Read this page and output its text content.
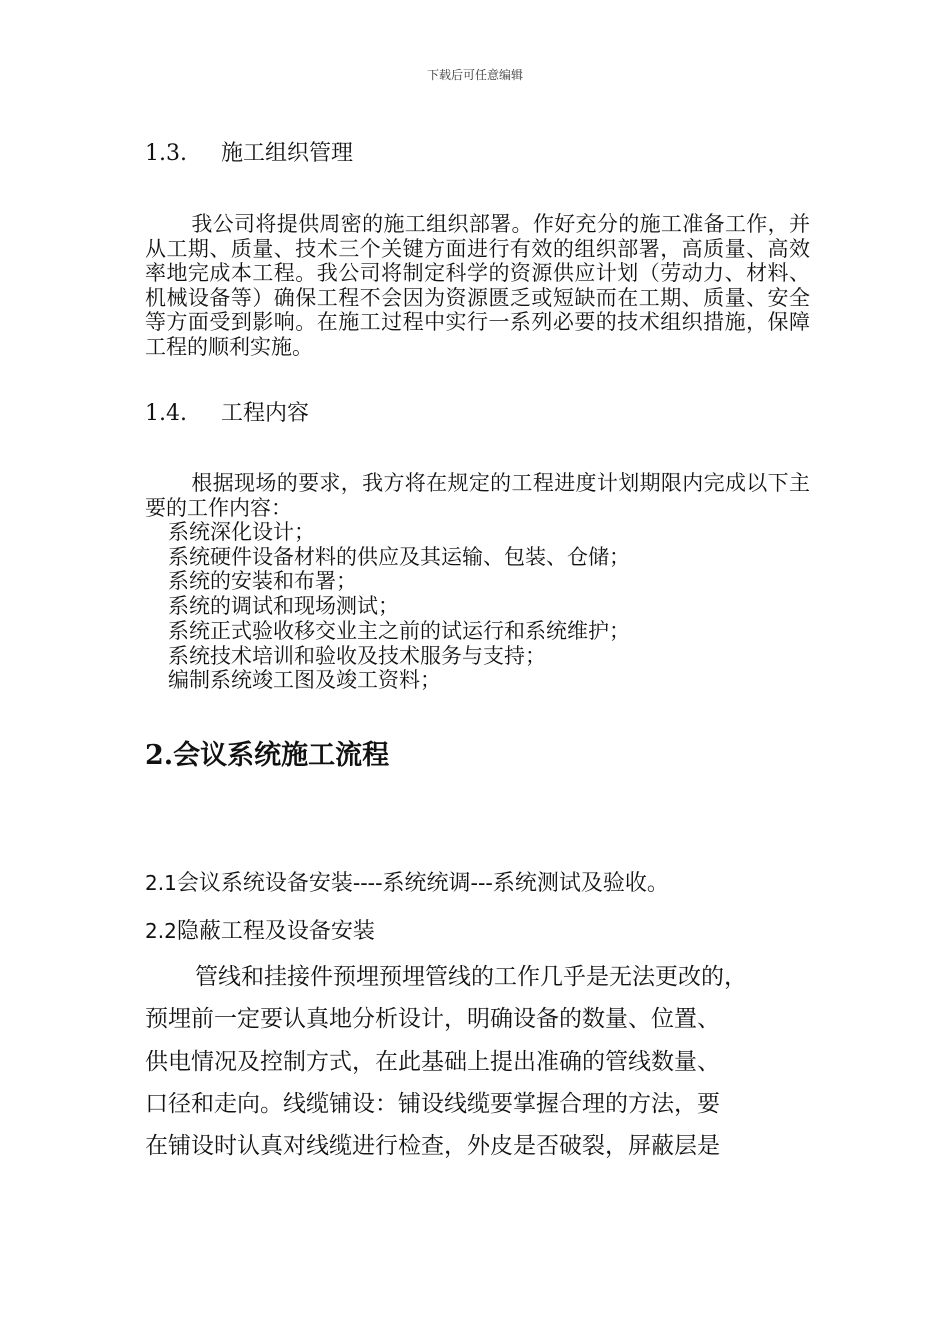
下载后可任意编辑
1.3. 施工组织管理
我公司将提供周密的施工组织部署。作好充分的施工准备工作，并从工期、质量、技术三个关键方面进行有效的组织部署，高质量、高效率地完成本工程。我公司将制定科学的资源供应计划（劳动力、材料、机械设备等）确保工程不会因为资源匮乏或短缺而在工期、质量、安全等方面受到影响。在施工过程中实行一系列必要的技术组织措施，保障工程的顺利实施。
1.4. 工程内容
根据现场的要求，我方将在规定的工程进度计划期限内完成以下主要的工作内容：
系统深化设计；
系统硬件设备材料的供应及其运输、包装、仓储；
系统的安装和布署；
系统的调试和现场测试；
系统正式验收移交业主之前的试运行和系统维护；
系统技术培训和验收及技术服务与支持；
编制系统竣工图及竣工资料；
2.会议系统施工流程
2.1会议系统设备安装----系统统调---系统测试及验收。
2.2隐蔽工程及设备安装
管线和挂接件预埋预埋管线的工作几乎是无法更改的，
预埋前一定要认真地分析设计，明确设备的数量、位置、
供电情况及控制方式，在此基础上提出准确的管线数量、
口径和走向。线缆铺设：铺设线缆要掌握合理的方法，要
在铺设时认真对线缆进行检查，外皮是否破裂，屏蔽层是
